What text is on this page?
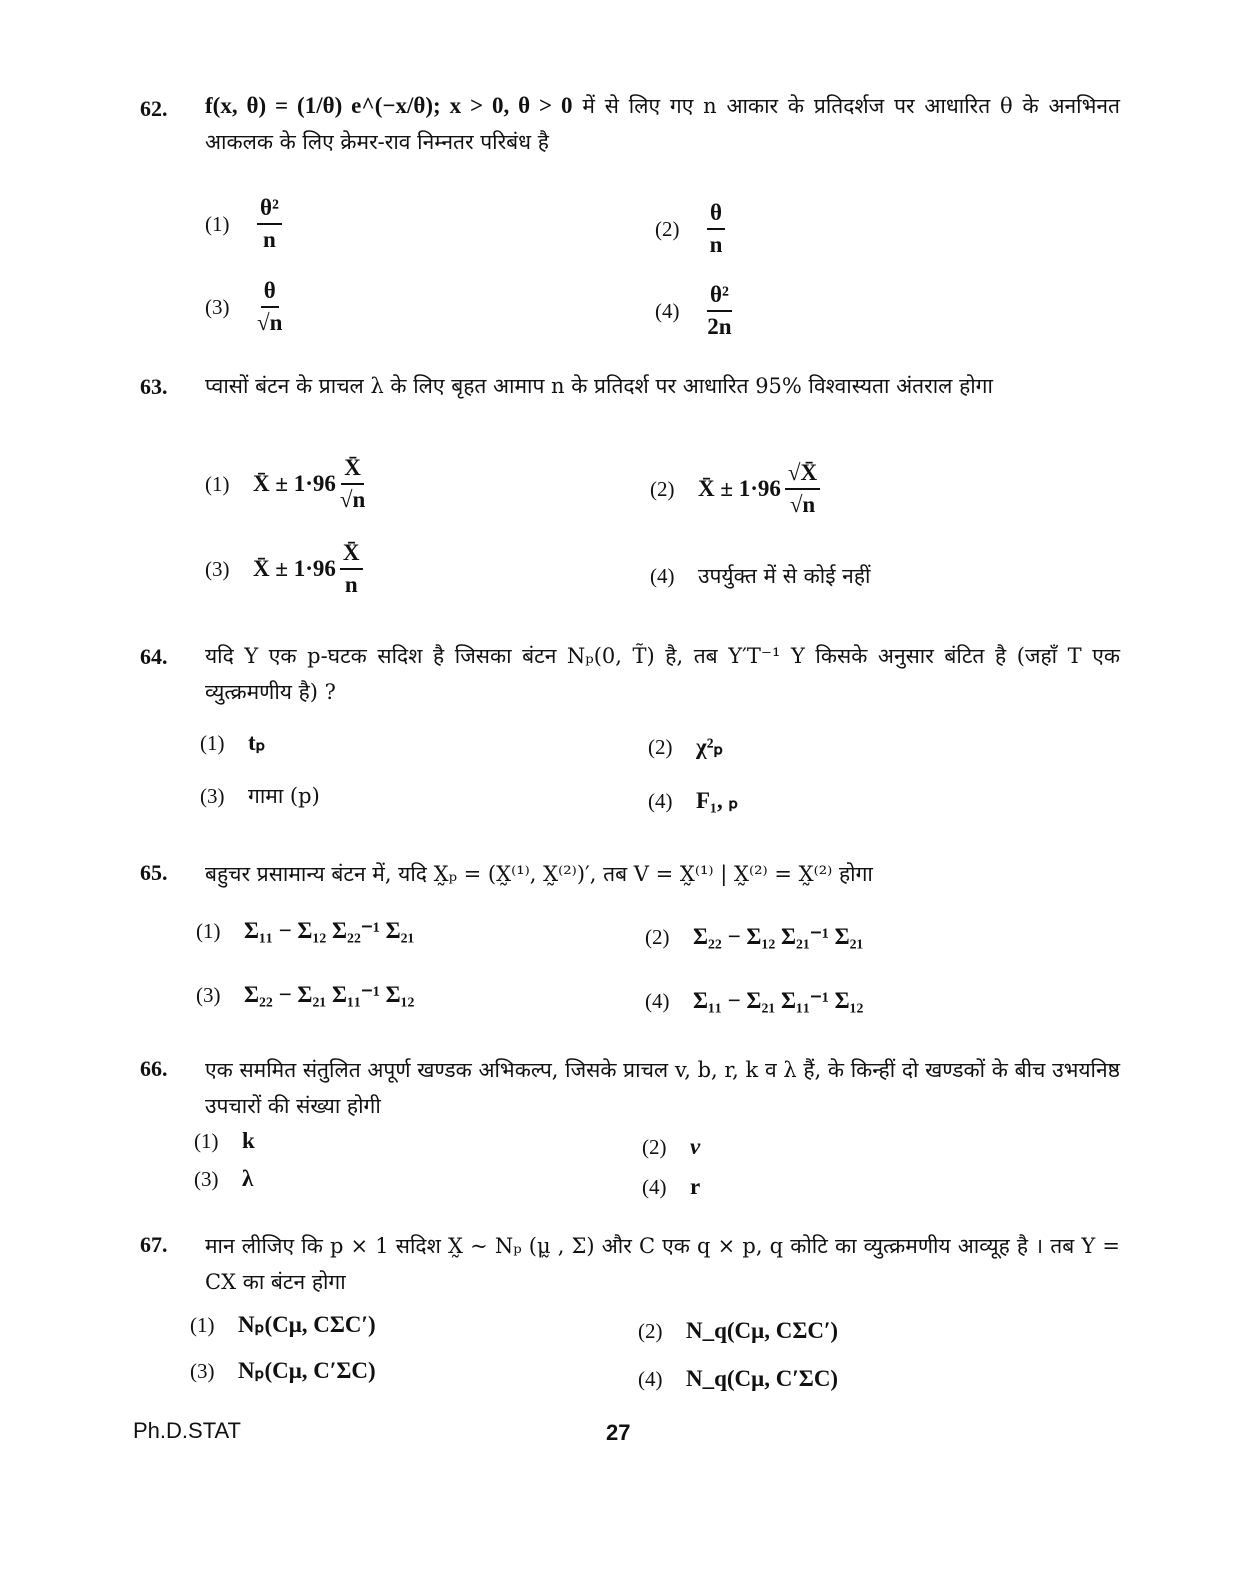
62.	f(x, θ) = (1/θ) e^(−x/θ); x > 0, θ > 0 में से लिए गए n आकार के प्रतिदर्शज पर आधारित θ के अनभिनत आकलक के लिए क्रेमर-राव निम्नतर परिबंध है
(1)	$\frac{\text{θ²}}{n}$	(2)	$\frac{\theta}{n}$
(3)	$\frac{\theta}{√n}$	(4)	$\frac{\text{θ²}}{2n}$
63.	प्वासों बंटन के प्राचल λ के लिए बृहत आमाप n के प्रतिदर्श पर आधारित 95% विश्वास्यता अंतराल होगा
(1)	X̄ ± $1\cdot 96 \frac{X̄}{√n}$	(2)	X̄ ± $1\cdot 96 \frac{√X̄}{√n}$
(3)	X̄ ± $1\cdot 96 \frac{X̄}{n}$	(4)	उपर्युक्त में से कोई नहीं
64.	यदि Y एक p-घटक सदिश है जिसका बंटन Nₚ(0, T̃) है, तब Y′T⁻¹ Y किसके अनुसार बंटित है (जहाँ T एक व्युत्क्रमणीय है) ?
(1)	tₚ	(2)	χ²ₚ
(3)	गामा (p)	(4)	F₁, ₚ
65.	बहुचर प्रसामान्य बंटन में, यदि X̰ₚ = (X̰⁽¹⁾, X̰⁽²⁾)′, तब V = X̰⁽¹⁾ | X̰⁽²⁾ = X̰⁽²⁾ होगा
(1)	Σ₁₁ − Σ₁₂ Σ₂₂⁻¹ Σ₂₁	(2)	Σ₂₂ − Σ₁₂ Σ₂₁⁻¹ Σ₂₁
(3)	Σ₂₂ − Σ₂₁ Σ₁₁⁻¹ Σ₁₂	(4)	Σ₁₁ − Σ₂₁ Σ₁₁⁻¹ Σ₁₂
66.	एक सममित संतुलित अपूर्ण खण्डक अभिकल्प, जिसके प्राचल v, b, r, k व λ हैं, के किन्हीं दो खण्डकों के बीच उभयनिष्ठ उपचारों की संख्या होगी
(1)	k	(2)	v
(3)	λ	(4)	r
67.	मान लीजिए कि p × 1 सदिश X̰ ~ Nₚ (μ̰ , Σ) और C एक q × p, q कोटि का व्युत्क्रमणीय आव्यूह है । तब Y = CX का बंटन होगा
(1)	Nₚ(Cμ, CΣC′)	(2)	N_q(Cμ, CΣC′)
(3)	Nₚ(Cμ, C′ΣC)	(4)	N_q(Cμ, C′ΣC)
Ph.D.STAT	27
